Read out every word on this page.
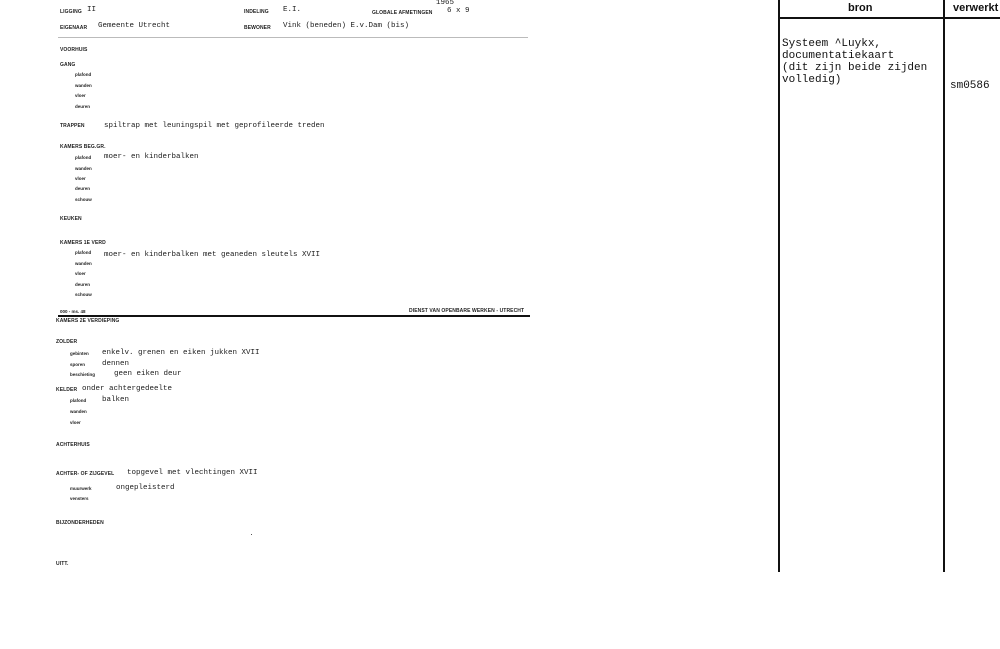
1965
LIGGING II	INDELING E.I.	GLOBALE AFMETINGEN 6 x 9
EIGENAAR Gemeente Utrecht	BEWONER Vink (beneden) E.v.Dam (bis)
VOORHUIS
GANG
plafond
wanden
vloer
deuren
TRAPPEN	spiltrap met leuningspil met geprofileerde treden
KAMERS BEG.GR.
plafond moer- en kinderbalken
wanden
vloer
deuren
schouw
KEUKEN
KAMERS 1E VERD
plafond moer- en kinderbalken met geaneden sleutels XVII
wanden
vloer
deuren
schouw
000 - ms. 48	DIENST VAN OPENBARE WERKEN - UTRECHT
KAMERS 2E VERDIEPING
ZOLDER
gebinten enkelv. grenen en eiken jukken XVII
sporen dennen
beschieting	geen eiken deur
KELDER onder achtergedeelte
plafond balken
wanden
vloer
ACHTERHUIS
ACHTER- OF ZIJGEVEL topgevel met vlechtingen XVII
muurwerk	ongepleisterd
vensters
BIJZONDERHEDEN
UITT.
bron	verwerkt
Systeem ^Luykx,
documentatiekaart
(dit zijn beide zijden
volledig)	sm0586
